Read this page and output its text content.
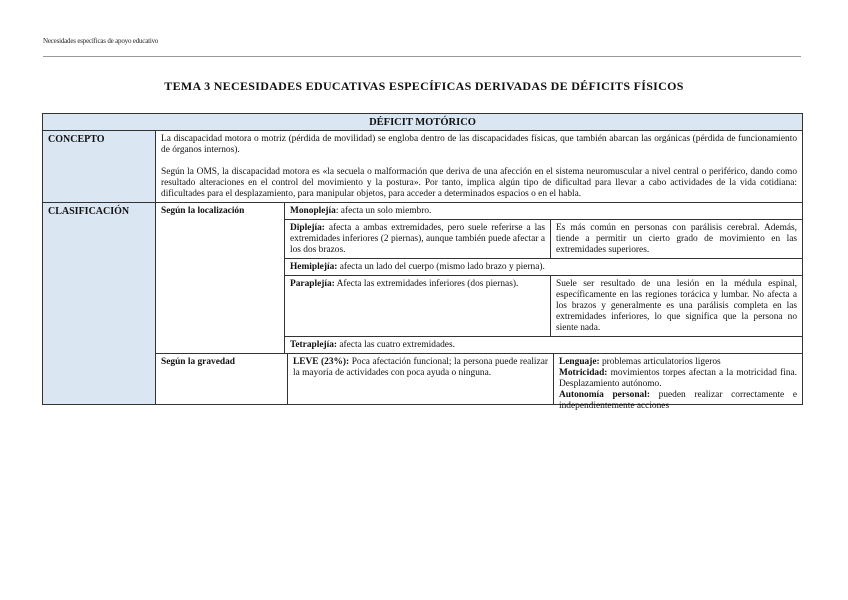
Necesidades específicas de apoyo educativo
TEMA 3 NECESIDADES EDUCATIVAS ESPECÍFICAS DERIVADAS DE DÉFICITS FÍSICOS
DÉFICIT MOTÓRICO					
CONCEPTO	La discapacidad motora o motriz (pérdida de movilidad) se engloba dentro de las discapacidades físicas, que también abarcan las orgánicas (pérdida de funcionamiento de órganos internos).

Según la OMS, la discapacidad motora es «la secuela o malformación que deriva de una afección en el sistema neuromuscular a nivel central o periférico, dando como resultado alteraciones en el control del movimiento y la postura». Por tanto, implica algún tipo de dificultad para llevar a cabo actividades de la vida cotidiana: dificultades para el desplazamiento, para manipular objetos, para acceder a determinados espacios o en el habla.				

CLASIFICACIÓN	Según la localización	Monoplejía: afecta un solo miembro.			
		Diplejía: afecta a ambas extremidades, pero suele referirse a las extremidades inferiores (2 piernas), aunque también puede afectar a los dos brazos.		Es más común en personas con parálisis cerebral. Además, tiende a permitir un cierto grado de movimiento en las extremidades superiores.	
		Hemiplejía: afecta un lado del cuerpo (mismo lado brazo y pierna).			
		Paraplejía: Afecta las extremidades inferiores (dos piernas).		Suele ser resultado de una lesión en la médula espinal, específicamente en las regiones torácica y lumbar. No afecta a los brazos y generalmente es una parálisis completa en las extremidades inferiores, lo que significa que la persona no siente nada.	
		Tetraplejía: afecta las cuatro extremidades.			
	Según la gravedad		LEVE (23%): Poca afectación funcional; la persona puede realizar la mayoría de actividades con poca ayuda o ninguna.		Lenguaje: problemas articulatorios ligeros

Motricidad: movimientos torpes afectan a la motricidad fina. Desplazamiento autónomo.

Autonomía personal: pueden realizar correctamente e independientemente acciones
